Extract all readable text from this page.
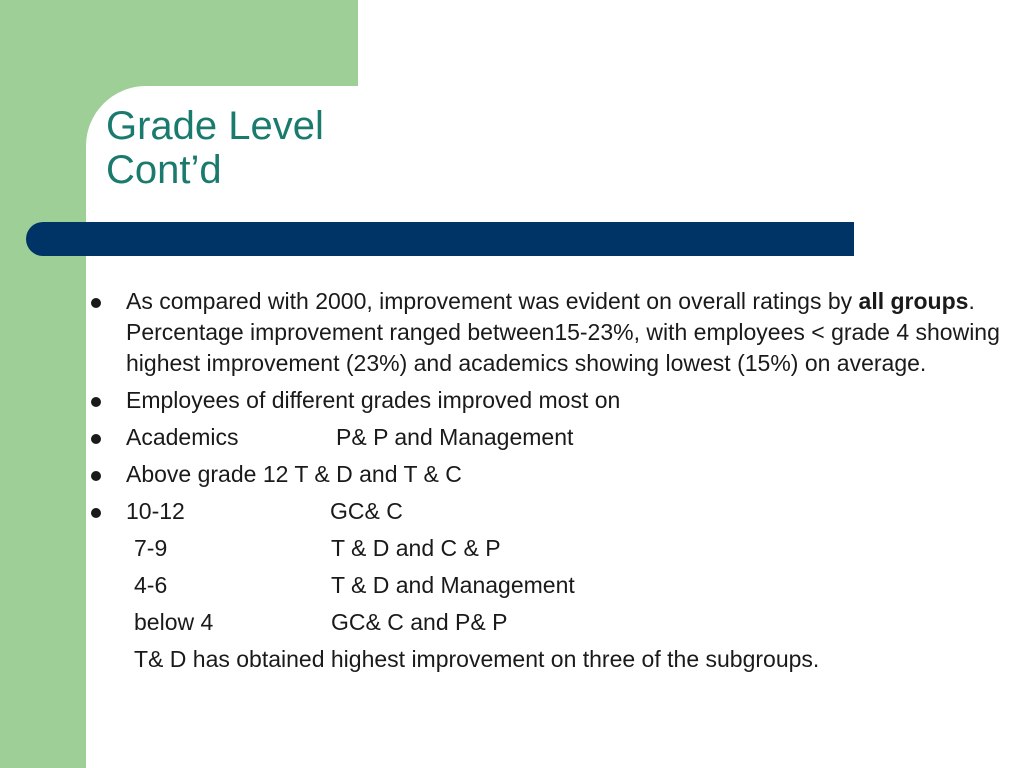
Grade Level
Cont’d
As compared with 2000, improvement was evident on overall ratings by all groups. Percentage improvement ranged between15-23%, with employees < grade 4 showing highest improvement (23%) and academics showing lowest (15%) on average.
Employees of different grades improved most on
Academics	P& P and Management
Above grade 12 T & D and T & C
10-12	GC& C
7-9	T & D and C & P
4-6	T & D and Management
below 4	GC& C and P& P
T& D has obtained highest improvement on three of the subgroups.
